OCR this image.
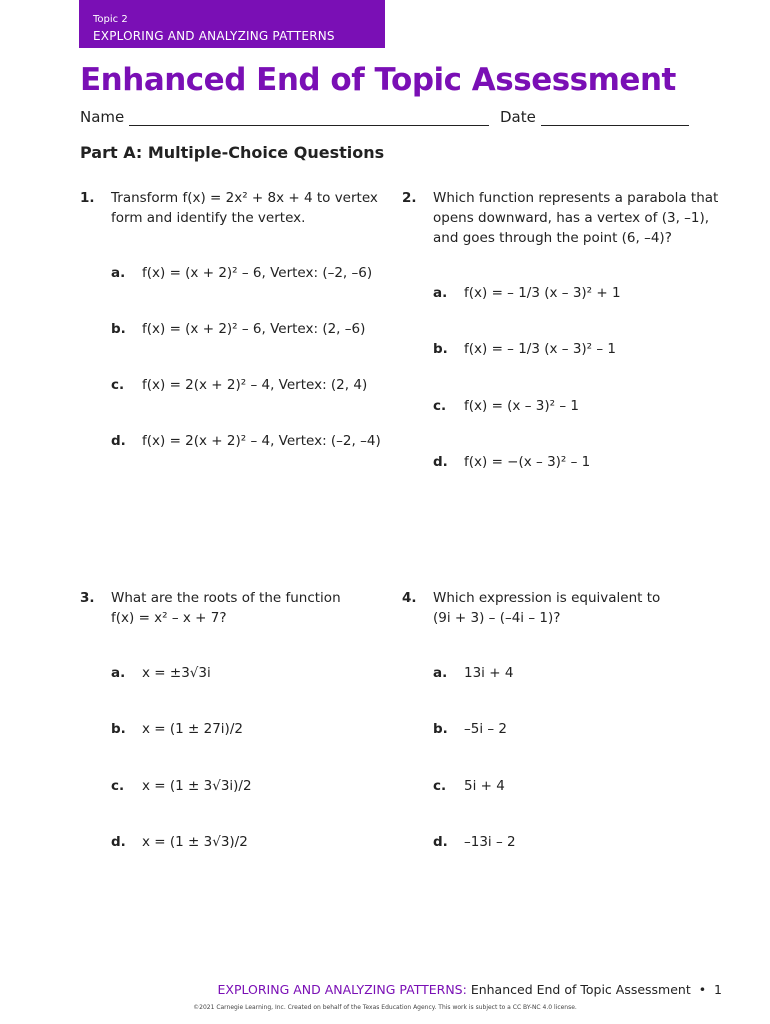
Topic 2
EXPLORING AND ANALYZING PATTERNS
Enhanced End of Topic Assessment
Name	Date
Part A: Multiple-Choice Questions
1. Transform f(x) = 2x² + 8x + 4 to vertex
form and identify the vertex.
a. f(x) = (x + 2)² – 6, Vertex: (–2, –6)
b. f(x) = (x + 2)² – 6, Vertex: (2, –6)
c. f(x) = 2(x + 2)² – 4, Vertex: (2, 4)
d. f(x) = 2(x + 2)² – 4, Vertex: (–2, –4)
2. Which function represents a parabola that
opens downward, has a vertex of (3, –1),
and goes through the point (6, –4)?
a. f(x) = – 1/3 (x – 3)² + 1
b. f(x) = – 1/3 (x – 3)² – 1
c. f(x) = (x – 3)² – 1
d. f(x) = −(x – 3)² – 1
3. What are the roots of the function
f(x) = x² – x + 7?
a. x = ±3√3i
b. x = (1 ± 27i)/2
c. x = (1 ± 3√3i)/2
d. x = (1 ± 3√3)/2
4. Which expression is equivalent to
(9i + 3) – (–4i – 1)?
a. 13i + 4
b. –5i – 2
c. 5i + 4
d. –13i – 2
EXPLORING AND ANALYZING PATTERNS: Enhanced End of Topic Assessment • 1
©2021 Carnegie Learning, Inc. Created on behalf of the Texas Education Agency. This work is subject to a CC BY-NC 4.0 license.
